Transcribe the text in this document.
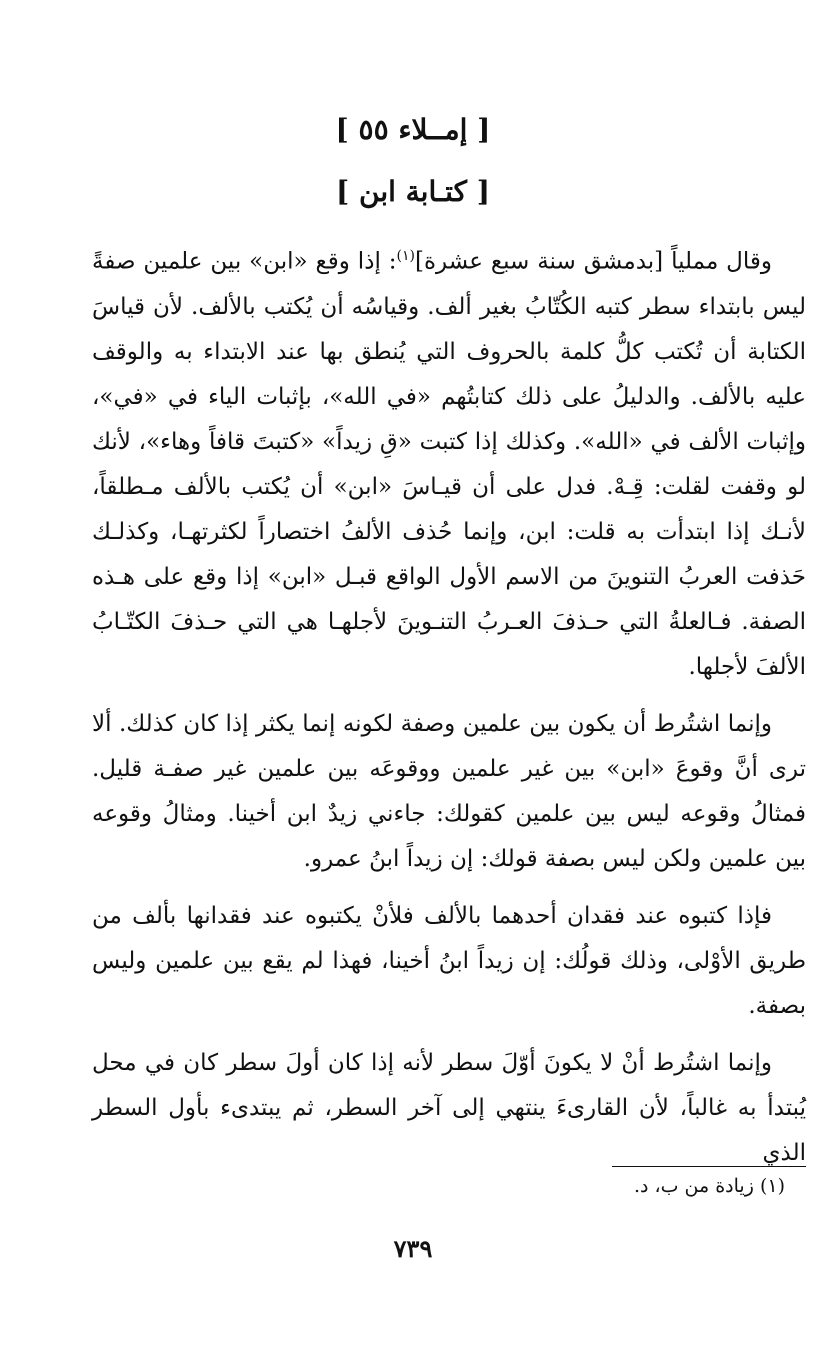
[ إمــلاء ٥٥ ]
[ كتـابة ابن ]

وقال مملياً [بدمشق سنة سبع عشرة]$^{(١)}$: إذا وقع «ابن» بين علمين صفةً ليس بابتداء سطر كتبه الكُتّابُ بغير ألف. وقياسُه أن يُكتب بالألف. لأن قياسَ الكتابة أن تُكتب كلُّ كلمة بالحروف التي يُنطق بها عند الابتداء به والوقف عليه بالألف. والدليلُ على ذلك كتابتُهم «في الله»، بإثبات الياء في «في»، وإثبات الألف في «الله». وكذلك إذا كتبت «قِ زيداً» «كتبتَ قافاً وهاء»، لأنك لو وقفت لقلت: قِـهْ. فدل على أن قيـاسَ «ابن» أن يُكتب بالألف مـطلقاً، لأنـك إذا ابتدأت به قلت: ابن، وإنما حُذف الألفُ اختصاراً لكثرتهـا، وكذلـك حَذفت العربُ التنوينَ من الاسم الأول الواقع قبـل «ابن» إذا وقع على هـذه الصفة. فـالعلةُ التي حـذفَ العـربُ التنـوينَ لأجلهـا هي التي حـذفَ الكتّـابُ الألفَ لأجلها.

وإنما اشتُرط أن يكون بين علمين وصفة لكونه إنما يكثر إذا كان كذلك. ألا ترى أنَّ وقوعَ «ابن» بين غير علمين ووقوعَه بين علمين غير صفـة قليل. فمثالُ وقوعه ليس بين علمين كقولك: جاءني زيدٌ ابن أخينا. ومثالُ وقوعه بين علمين ولكن ليس بصفة قولك: إن زيداً ابنُ عمرو.

فإذا كتبوه عند فقدان أحدهما بالألف فلأنْ يكتبوه عند فقدانها بألف من طريق الأوْلى، وذلك قولُك: إن زيداً ابنُ أخينا، فهذا لم يقع بين علمين وليس بصفة.

وإنما اشتُرط أنْ لا يكونَ أوّلَ سطر لأنه إذا كان أولَ سطر كان في محل يُبتدأ به غالباً، لأن القارىءَ ينتهي إلى آخر السطر، ثم يبتدىء بأول السطر الذي

(١) زيادة من ب، د.
٧٣٩
